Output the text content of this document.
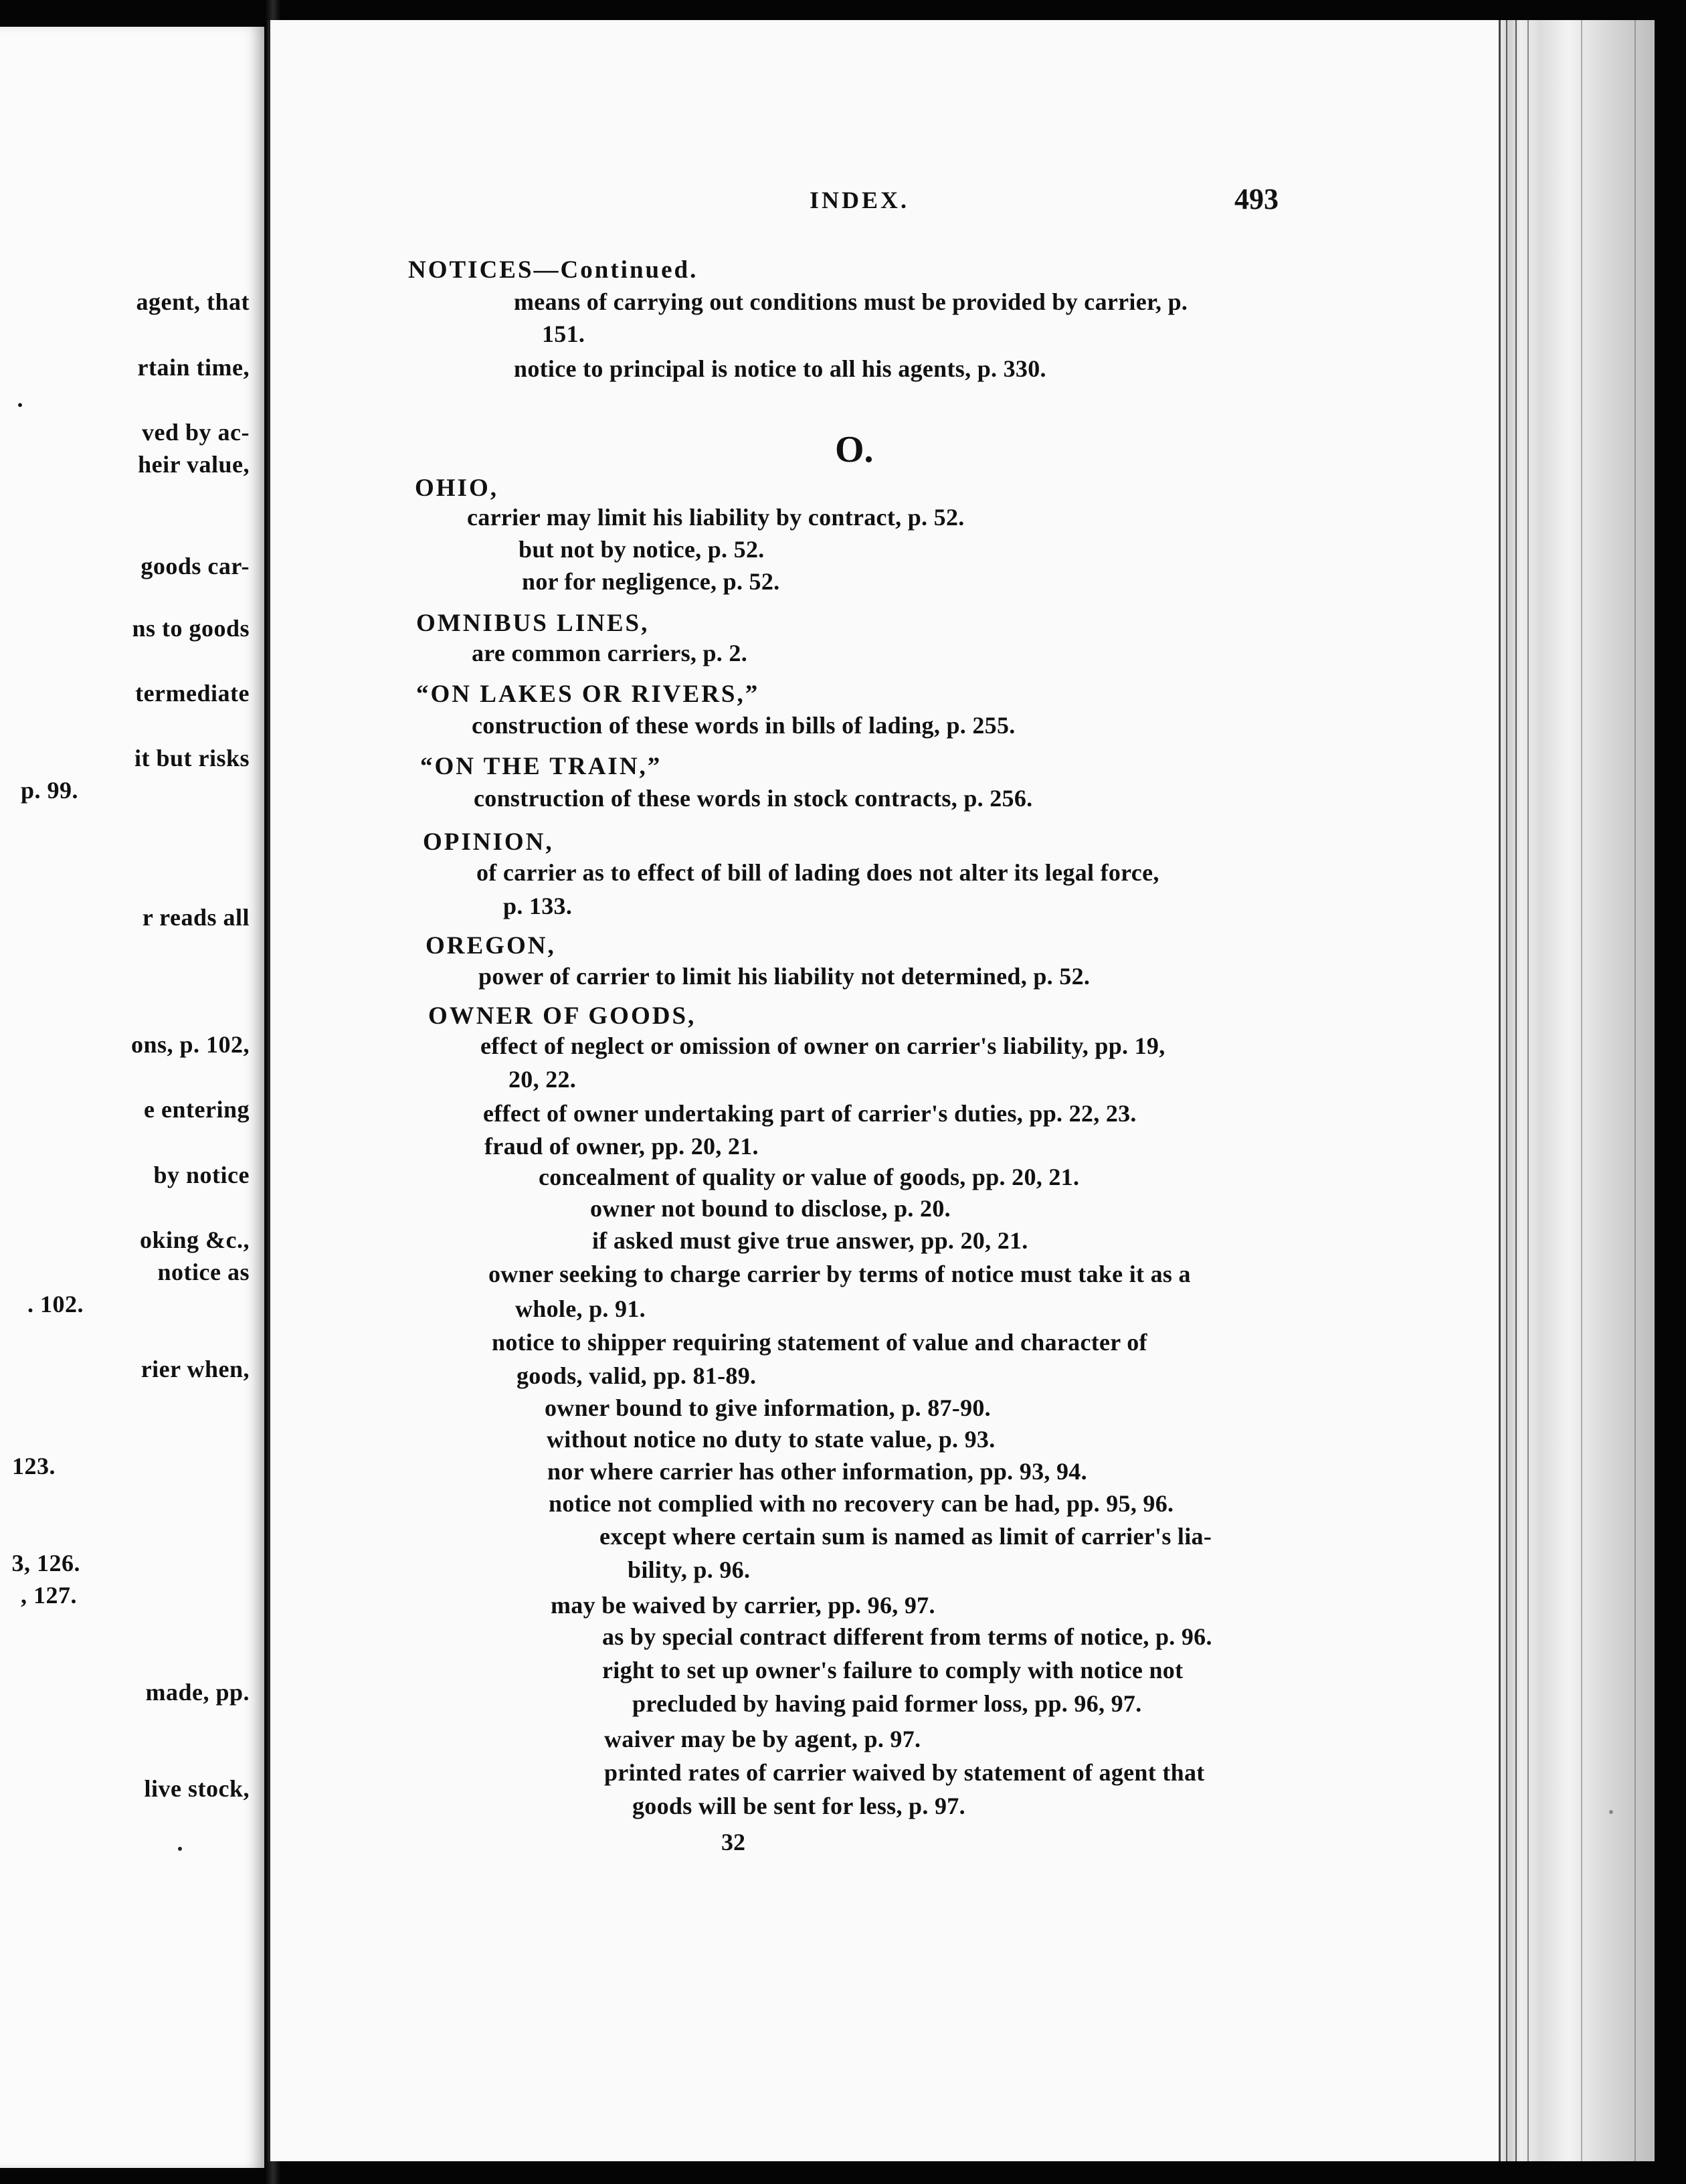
agent, that
rtain time,
.
ved by ac-
heir value,
goods car-
ns to goods
termediate
it but risks
p. 99.
r reads all
ons, p. 102,
e entering
by notice
oking &c.,
notice as
. 102.
rier when,
123.
3, 126.
, 127.
made, pp.
live stock,
INDEX.	493
NOTICES—Continued.
means of carrying out conditions must be provided by carrier, p.
151.
notice to principal is notice to all his agents, p. 330.
O.
OHIO,
carrier may limit his liability by contract, p. 52.
but not by notice, p. 52.
nor for negligence, p. 52.
OMNIBUS LINES,
are common carriers, p. 2.
“ON LAKES OR RIVERS,”
construction of these words in bills of lading, p. 255.
“ON THE TRAIN,”
construction of these words in stock contracts, p. 256.
OPINION,
of carrier as to effect of bill of lading does not alter its legal force,
p. 133.
OREGON,
power of carrier to limit his liability not determined, p. 52.
OWNER OF GOODS,
effect of neglect or omission of owner on carrier's liability, pp. 19,
20, 22.
effect of owner undertaking part of carrier's duties, pp. 22, 23.
fraud of owner, pp. 20, 21.
concealment of quality or value of goods, pp. 20, 21.
owner not bound to disclose, p. 20.
if asked must give true answer, pp. 20, 21.
owner seeking to charge carrier by terms of notice must take it as a
whole, p. 91.
notice to shipper requiring statement of value and character of
goods, valid, pp. 81-89.
owner bound to give information, p. 87-90.
without notice no duty to state value, p. 93.
nor where carrier has other information, pp. 93, 94.
notice not complied with no recovery can be had, pp. 95, 96.
except where certain sum is named as limit of carrier's lia-
bility, p. 96.
may be waived by carrier, pp. 96, 97.
as by special contract different from terms of notice, p. 96.
right to set up owner's failure to comply with notice not
precluded by having paid former loss, pp. 96, 97.
waiver may be by agent, p. 97.
printed rates of carrier waived by statement of agent that
goods will be sent for less, p. 97.
32
